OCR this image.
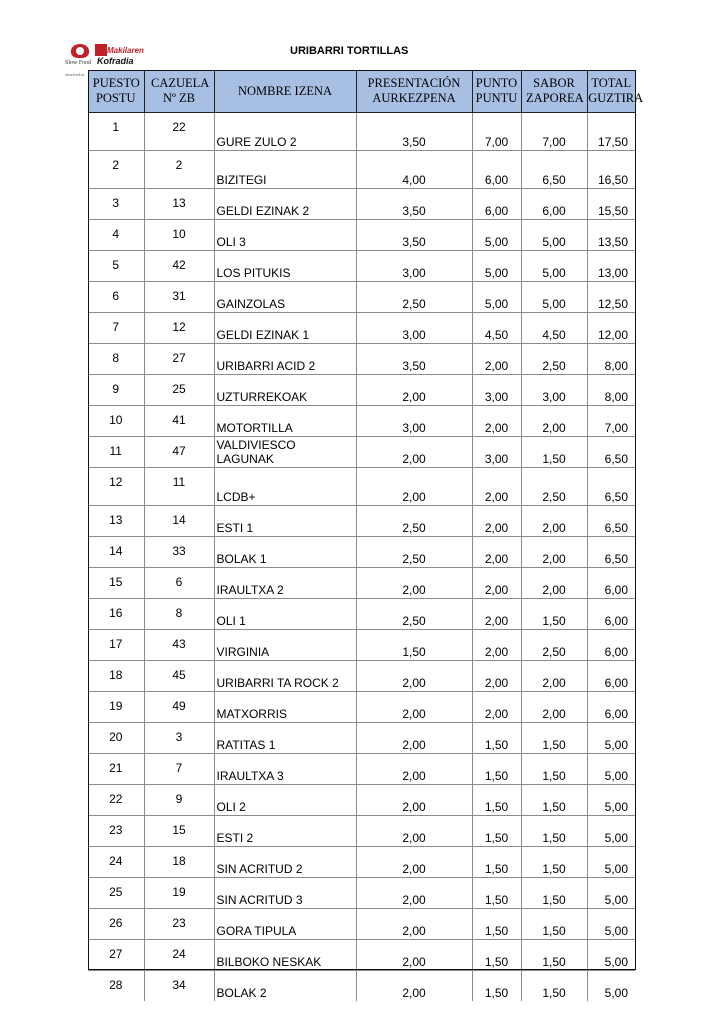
Slow Food
slowfood.es
Makilaren
Kofradia
URIBARRI TORTILLAS
PUESTO POSTU	CAZUELA Nº ZB	NOMBRE IZENA	PRESENTACIÓN AURKEZPENA	PUNTO PUNTU	SABOR ZAPOREA	TOTAL GUZTIRA
1	22	GURE ZULO 2	3,50	7,00	7,00	17,50
2	2	BIZITEGI	4,00	6,00	6,50	16,50
3	13	GELDI EZINAK 2	3,50	6,00	6,00	15,50
4	10	OLI 3	3,50	5,00	5,00	13,50
5	42	LOS PITUKIS	3,00	5,00	5,00	13,00
6	31	GAINZOLAS	2,50	5,00	5,00	12,50
7	12	GELDI EZINAK 1	3,00	4,50	4,50	12,00
8	27	URIBARRI ACID 2	3,50	2,00	2,50	8,00
9	25	UZTURREKOAK	2,00	3,00	3,00	8,00
10	41	MOTORTILLA	3,00	2,00	2,00	7,00
11	47	VALDIVIESCO LAGUNAK	2,00	3,00	1,50	6,50
12	11	LCDB+	2,00	2,00	2,50	6,50
13	14	ESTI 1	2,50	2,00	2,00	6,50
14	33	BOLAK 1	2,50	2,00	2,00	6,50
15	6	IRAULTXA 2	2,00	2,00	2,00	6,00
16	8	OLI 1	2,50	2,00	1,50	6,00
17	43	VIRGINIA	1,50	2,00	2,50	6,00
18	45	URIBARRI TA ROCK 2	2,00	2,00	2,00	6,00
19	49	MATXORRIS	2,00	2,00	2,00	6,00
20	3	RATITAS 1	2,00	1,50	1,50	5,00
21	7	IRAULTXA 3	2,00	1,50	1,50	5,00
22	9	OLI 2	2,00	1,50	1,50	5,00
23	15	ESTI 2	2,00	1,50	1,50	5,00
24	18	SIN ACRITUD 2	2,00	1,50	1,50	5,00
25	19	SIN ACRITUD 3	2,00	1,50	1,50	5,00
26	23	GORA TIPULA	2,00	1,50	1,50	5,00
27	24	BILBOKO NESKAK	2,00	1,50	1,50	5,00
28	34	BOLAK 2	2,00	1,50	1,50	5,00
